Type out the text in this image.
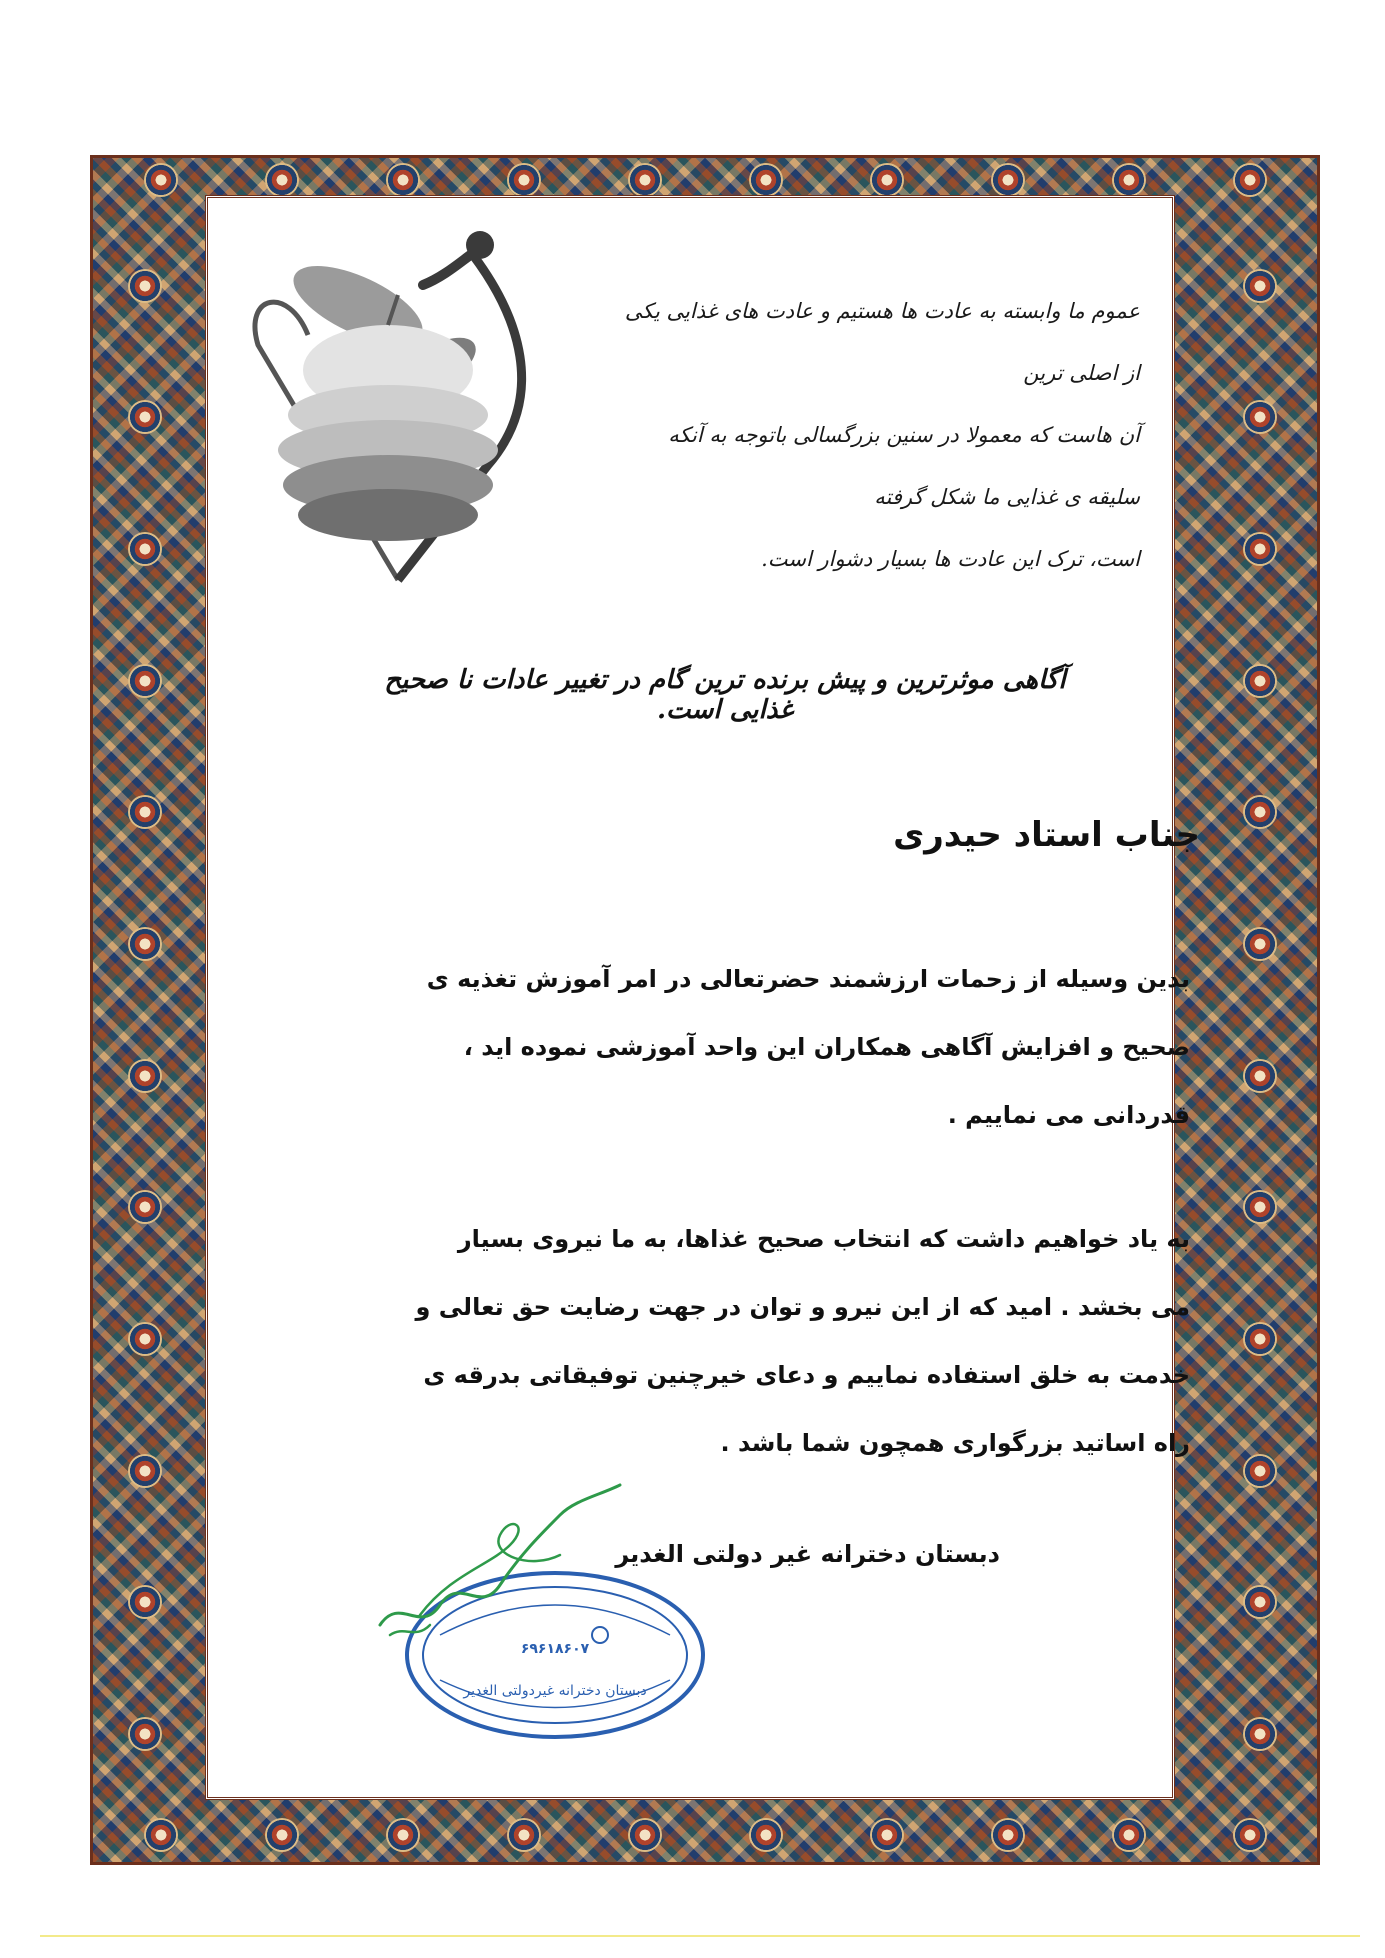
عموم ما وابسته به عادت ها هستیم و عادت های غذایی یکی از اصلی ترین
آن هاست که معمولا در سنین بزرگسالی باتوجه به آنکه سلیقه ی غذایی ما شکل گرفته
است، ترک این عادت ها بسیار دشوار است.

آگاهی موثرترین و پیش برنده ترین گام در تغییر عادات نا صحیح غذایی است.

جناب استاد حیدری

بدین وسیله از زحمات ارزشمند حضرتعالی در امر آموزش تغذیه ی
صحیح و افزایش آگاهی همکاران این واحد آموزشی نموده اید ،
قدردانی می نماییم .
به یاد خواهیم داشت که انتخاب صحیح غذاها، به ما نیروی بسیار
می بخشد . امید که از این نیرو و توان در جهت رضایت حق تعالی و
خدمت به خلق استفاده نماییم و دعای خیرچنین توفیقاتی بدرقه ی
راه اساتید بزرگواری همچون شما باشد .

دبستان دخترانه غیر دولتی الغدیر

۶۹۶۱۸۶۰۷
دبستان دخترانه غیردولتی الغدیر
